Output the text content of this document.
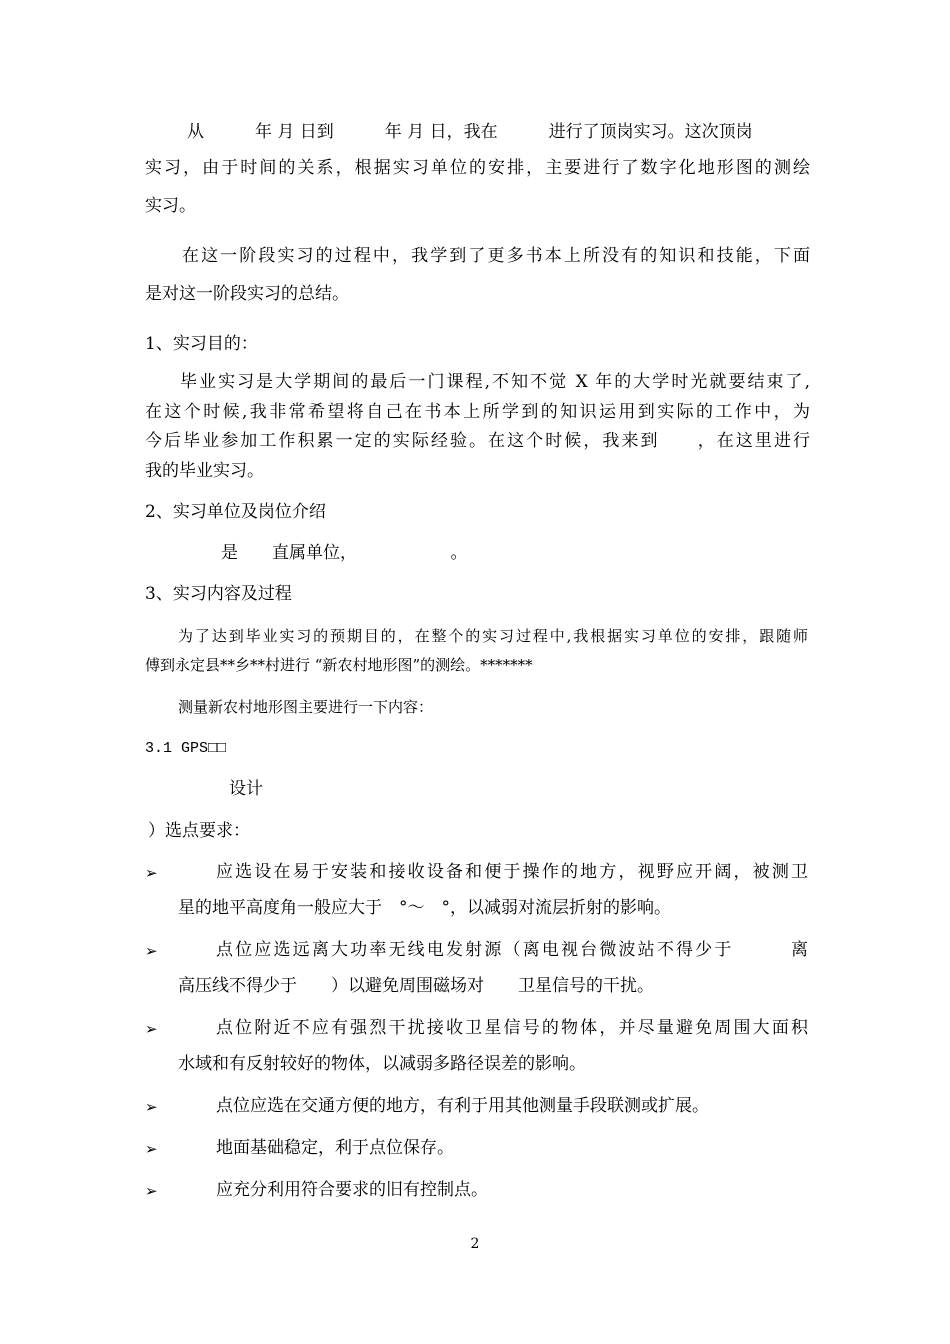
从　　　年 月 日到　　　年 月 日，我在　　　进行了顶岗实习。这次顶岗
实习，由于时间的关系，根据实习单位的安排，主要进行了数字化地形图的测绘
实习。
在这一阶段实习的过程中，我学到了更多书本上所没有的知识和技能，下面
是对这一阶段实习的总结。
1、实习目的：
毕业实习是大学期间的最后一门课程,不知不觉 X 年的大学时光就要结束了,
在这个时候,我非常希望将自己在书本上所学到的知识运用到实际的工作中，为
今后毕业参加工作积累一定的实际经验。在这个时候，我来到　　，在这里进行
我的毕业实习。
2、实习单位及岗位介绍
是　　直属单位，　　　　　　。
3、实习内容及过程
为了达到毕业实习的预期目的，在整个的实习过程中,我根据实习单位的安排，跟随师
傅到永定县**乡**村进行 “新农村地形图”的测绘。*******
测量新农村地形图主要进行一下内容：
3.1 GPS□□
设计
）选点要求：
➢	应选设在易于安装和接收设备和便于操作的地方，视野应开阔，被测卫
星的地平高度角一般应大于　°～　°，以减弱对流层折射的影响。
➢	点位应选远离大功率无线电发射源（离电视台微波站不得少于　　　离
高压线不得少于　　）以避免周围磁场对　　卫星信号的干扰。
➢	点位附近不应有强烈干扰接收卫星信号的物体，并尽量避免周围大面积
水域和有反射较好的物体，以减弱多路径误差的影响。
➢	点位应选在交通方便的地方，有利于用其他测量手段联测或扩展。
➢	地面基础稳定，利于点位保存。
➢	应充分利用符合要求的旧有控制点。
2
